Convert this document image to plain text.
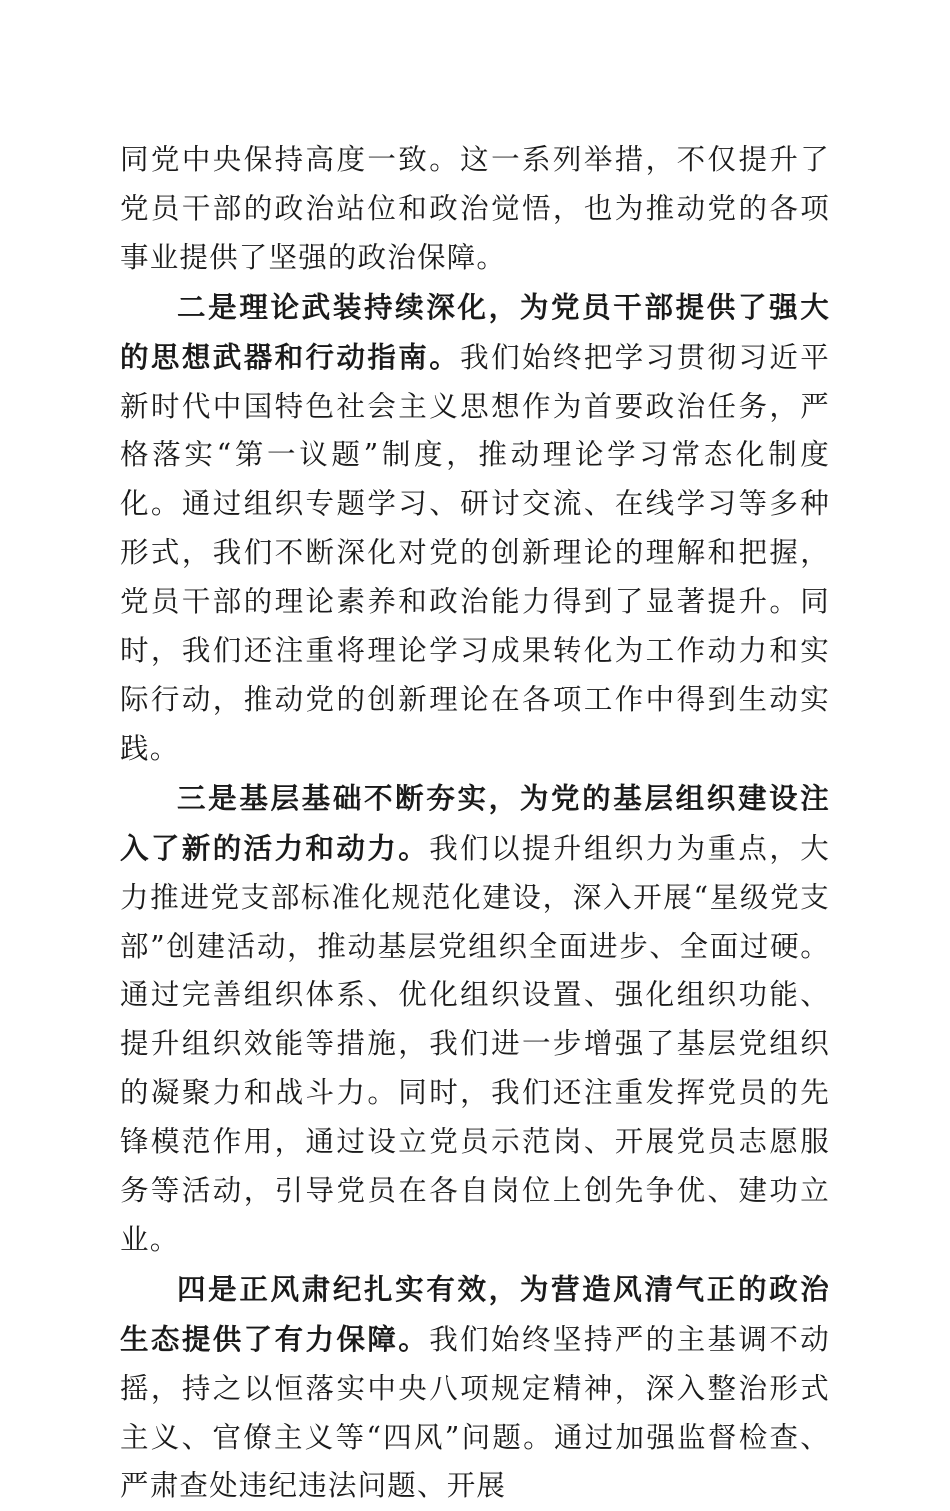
同党中央保持高度一致。这一系列举措，不仅提升了党员干部的政治站位和政治觉悟，也为推动党的各项事业提供了坚强的政治保障。

二是理论武装持续深化，为党员干部提供了强大的思想武器和行动指南。我们始终把学习贯彻习近平新时代中国特色社会主义思想作为首要政治任务，严格落实“第一议题”制度，推动理论学习常态化制度化。通过组织专题学习、研讨交流、在线学习等多种形式，我们不断深化对党的创新理论的理解和把握，党员干部的理论素养和政治能力得到了显著提升。同时，我们还注重将理论学习成果转化为工作动力和实际行动，推动党的创新理论在各项工作中得到生动实践。

三是基层基础不断夯实，为党的基层组织建设注入了新的活力和动力。我们以提升组织力为重点，大力推进党支部标准化规范化建设，深入开展“星级党支部”创建活动，推动基层党组织全面进步、全面过硬。通过完善组织体系、优化组织设置、强化组织功能、提升组织效能等措施，我们进一步增强了基层党组织的凝聚力和战斗力。同时，我们还注重发挥党员的先锋模范作用，通过设立党员示范岗、开展党员志愿服务等活动，引导党员在各自岗位上创先争优、建功立业。

四是正风肃纪扎实有效，为营造风清气正的政治生态提供了有力保障。我们始终坚持严的主基调不动摇，持之以恒落实中央八项规定精神，深入整治形式主义、官僚主义等“四风”问题。通过加强监督检查、严肃查处违纪违法问题、开展
